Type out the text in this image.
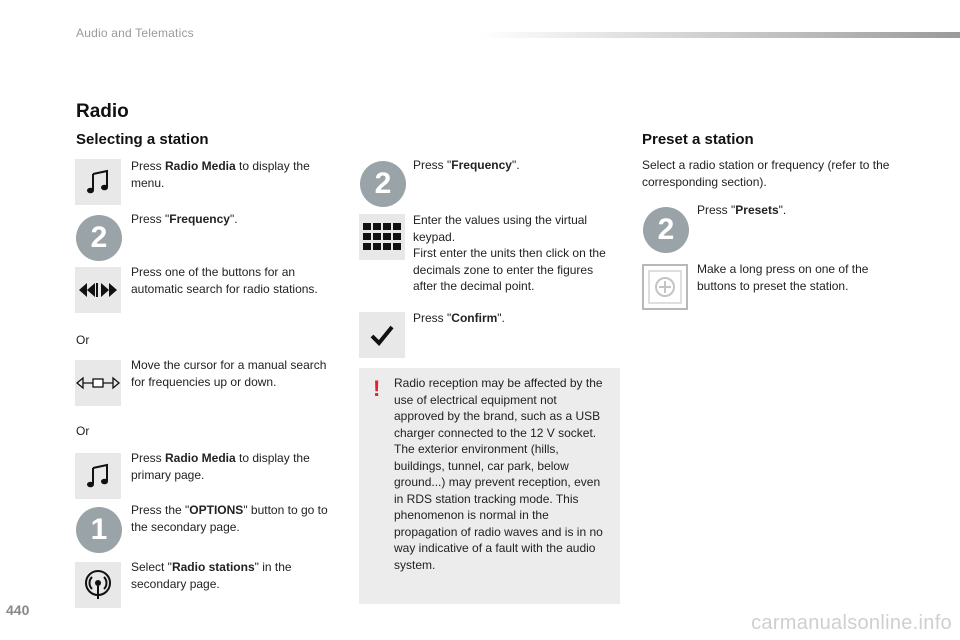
Audio and Telematics
Radio
Selecting a station
Press Radio Media to display the menu.
2
Press "Frequency".
Press one of the buttons for an automatic search for radio stations.
Or
Move the cursor for a manual search for frequencies up or down.
Or
Press Radio Media to display the primary page.
1
Press the "OPTIONS" button to go to the secondary page.
Select "Radio stations" in the secondary page.
2
Press "Frequency".
Enter the values using the virtual keypad.
First enter the units then click on the decimals zone to enter the figures after the decimal point.
Press "Confirm".
! Radio reception may be affected by the use of electrical equipment not approved by the brand, such as a USB charger connected to the 12 V socket. The exterior environment (hills, buildings, tunnel, car park, below ground...) may prevent reception, even in RDS station tracking mode. This phenomenon is normal in the propagation of radio waves and is in no way indicative of a fault with the audio system.
Preset a station
Select a radio station or frequency (refer to the corresponding section).
2
Press "Presets".
Make a long press on one of the buttons to preset the station.
440
carmanualsonline.info
